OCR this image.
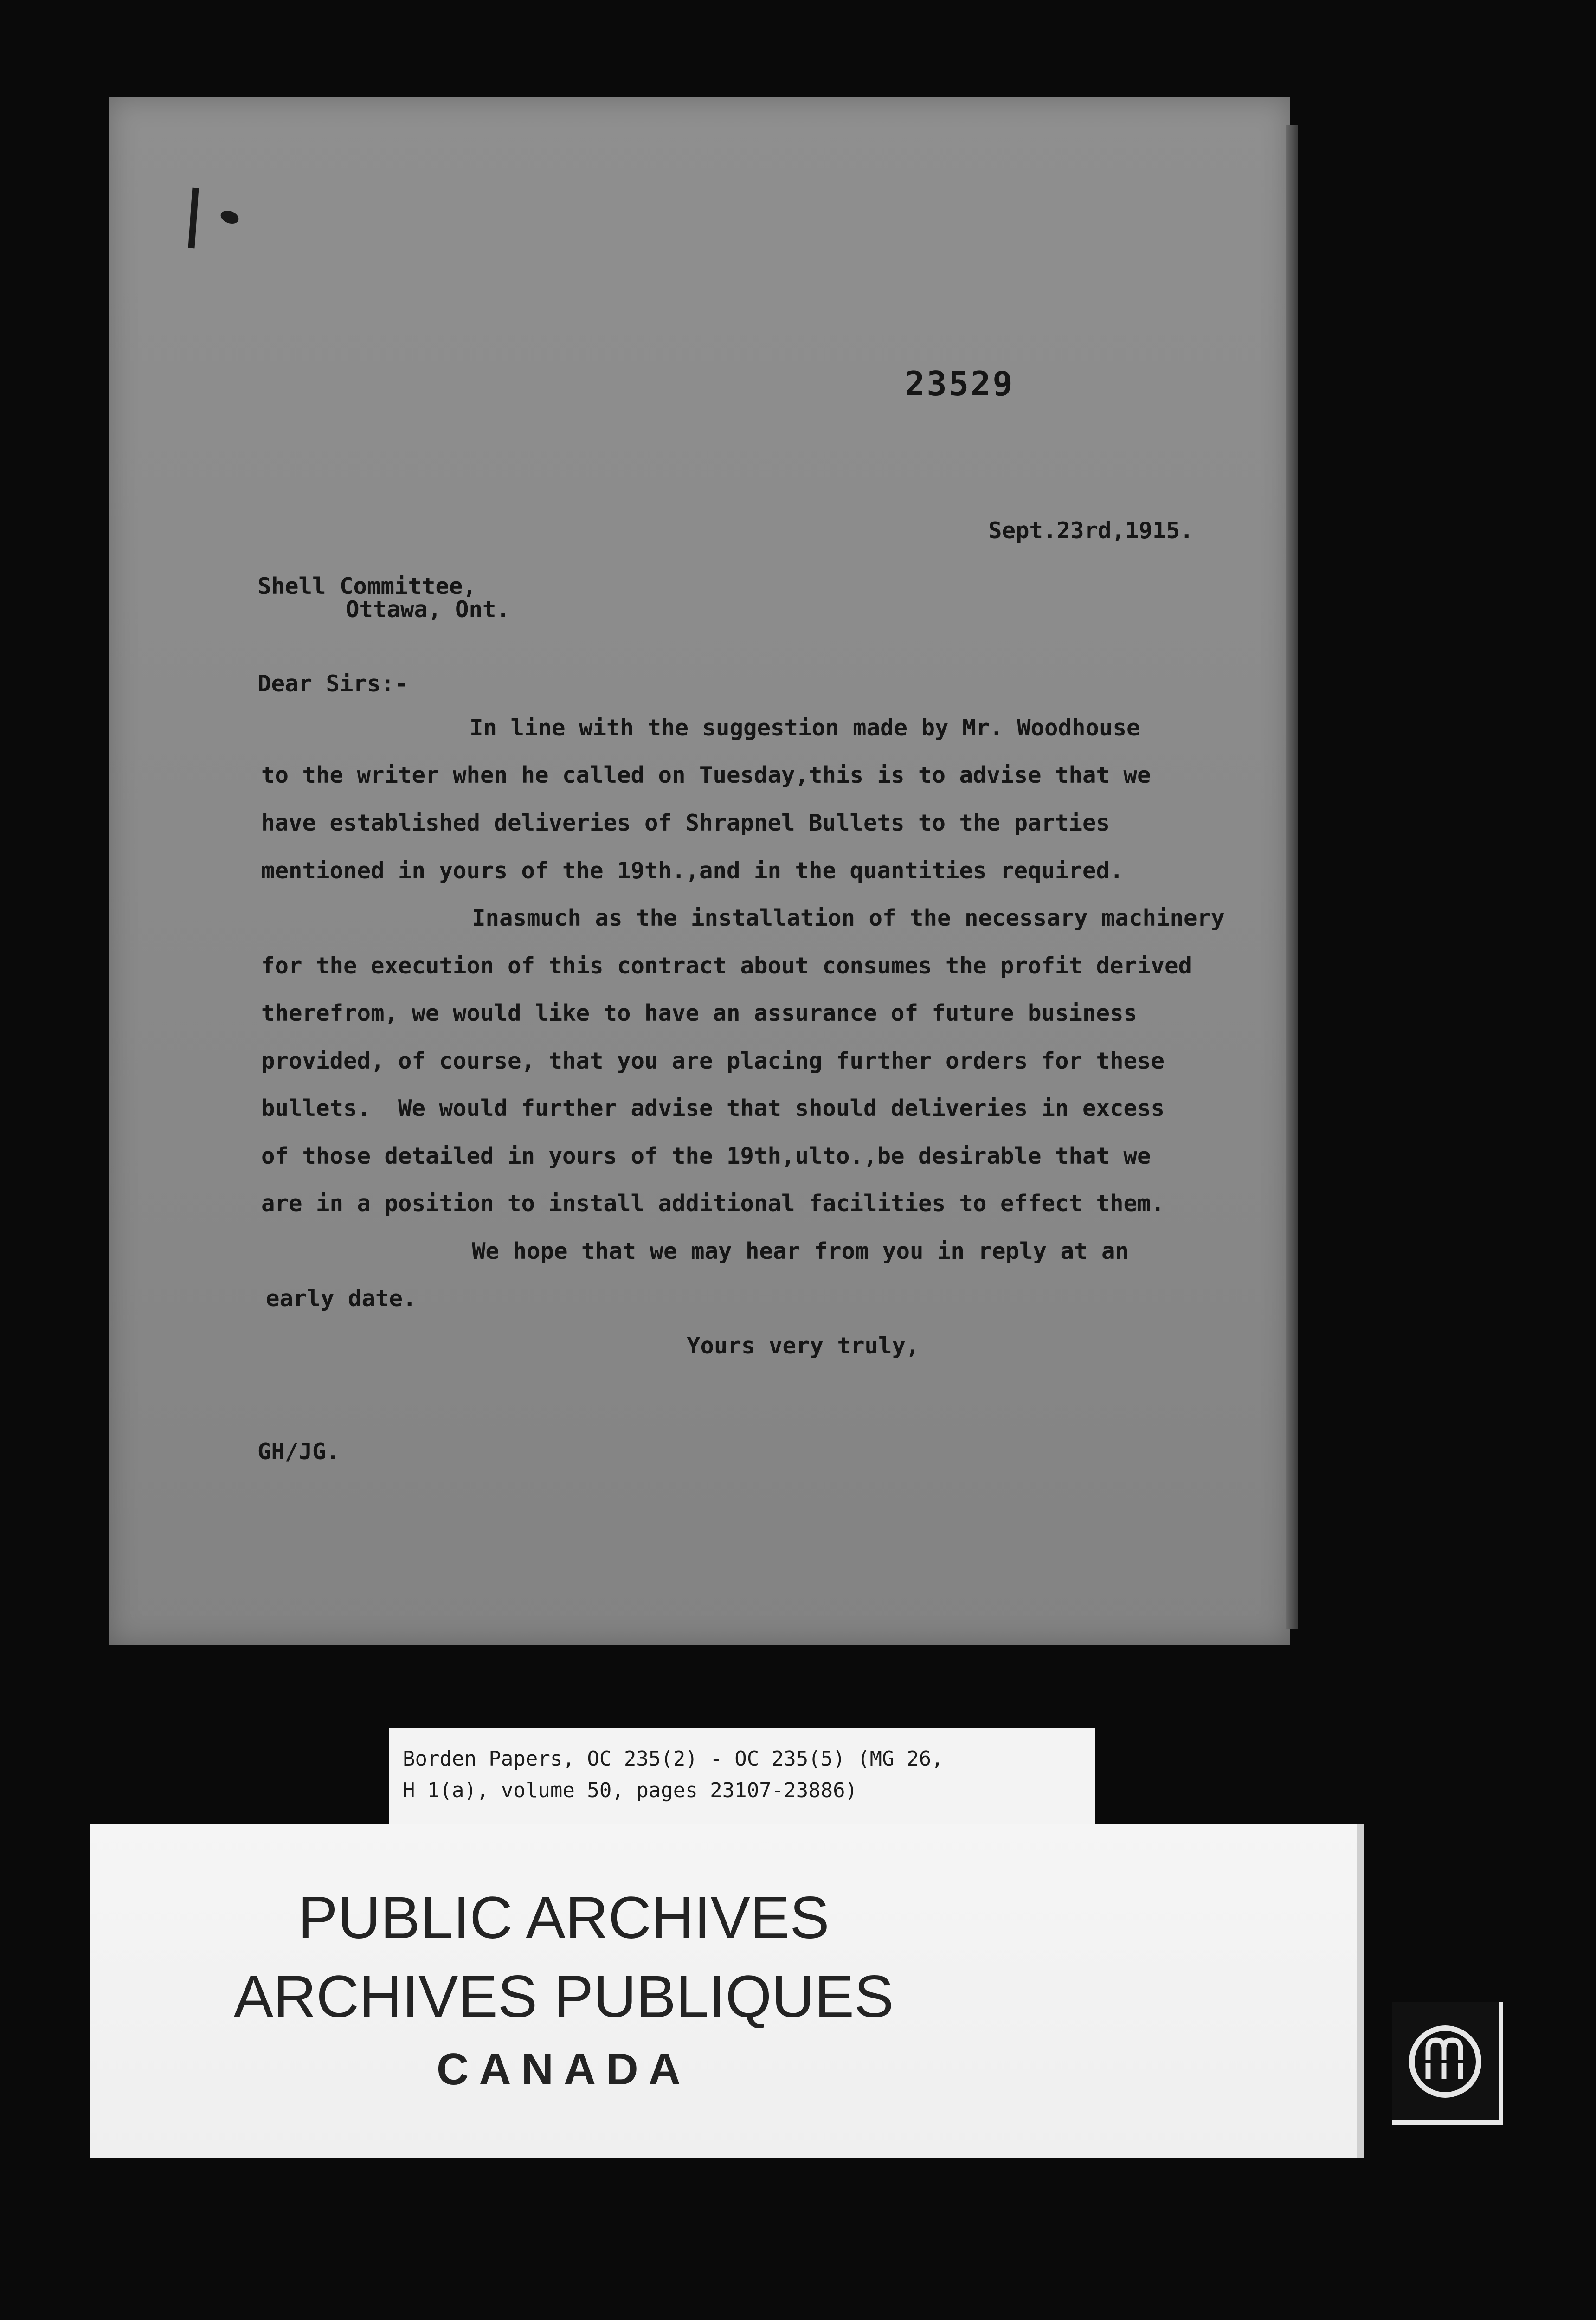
23529
Sept.23rd,1915.
Shell Committee,
Ottawa, Ont.
Dear Sirs:-
In line with the suggestion made by Mr. Woodhouse
to the writer when he called on Tuesday,this is to advise that we
have established deliveries of Shrapnel Bullets to the parties
mentioned in yours of the 19th.,and in the quantities required.
Inasmuch as the installation of the necessary machinery
for the execution of this contract about consumes the profit derived
therefrom, we would like to have an assurance of future business
provided, of course, that you are placing further orders for these
bullets.  We would further advise that should deliveries in excess
of those detailed in yours of the 19th,ulto.,be desirable that we
are in a position to install additional facilities to effect them.
We hope that we may hear from you in reply at an
early date.
Yours very truly,
GH/JG.
Borden Papers, OC 235(2) - OC 235(5) (MG 26,
H 1(a), volume 50, pages 23107-23886)
PUBLIC ARCHIVES
ARCHIVES PUBLIQUES
CANADA
